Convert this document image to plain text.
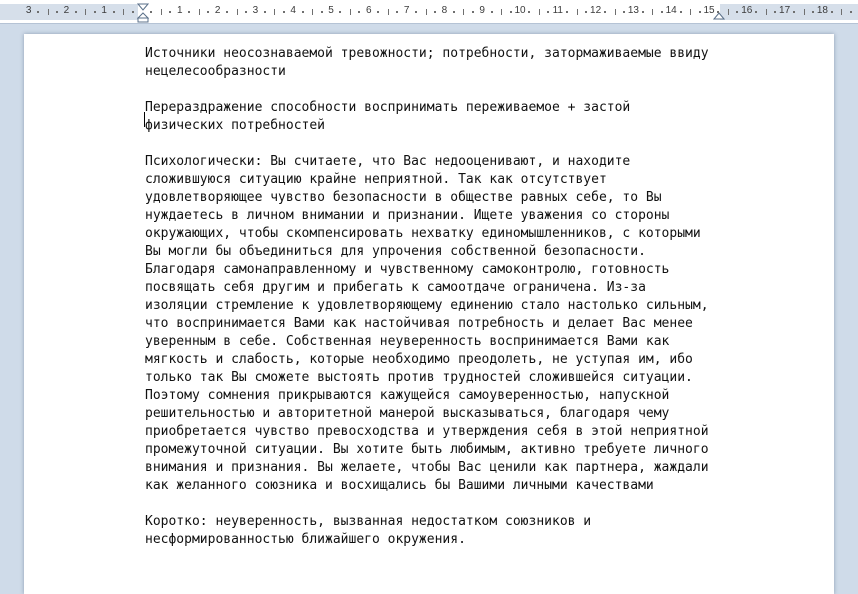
3	2	1	1	2	3	4	5	6	7	8	9	10	11	12	13	14	15	16	17	18
Источники неосознаваемой тревожности; потребности, затормаживаемые ввиду
нецелесообразности
Перераздражение способности воспринимать переживаемое + застой
физических потребностей
Психологически: Вы считаете, что Вас недооценивают, и находите
сложившуюся ситуацию крайне неприятной. Так как отсутствует
удовлетворяющее чувство безопасности в обществе равных себе, то Вы
нуждаетесь в личном внимании и признании. Ищете уважения со стороны
окружающих, чтобы скомпенсировать нехватку единомышленников, с которыми
Вы могли бы объединиться для упрочения собственной безопасности.
Благодаря самонаправленному и чувственному самоконтролю, готовность
посвящать себя другим и прибегать к самоотдаче ограничена. Из-за
изоляции стремление к удовлетворяющему единению стало настолько сильным,
что воспринимается Вами как настойчивая потребность и делает Вас менее
уверенным в себе. Собственная неуверенность воспринимается Вами как
мягкость и слабость, которые необходимо преодолеть, не уступая им, ибо
только так Вы сможете выстоять против трудностей сложившейся ситуации.
Поэтому сомнения прикрываются кажущейся самоуверенностью, напускной
решительностью и авторитетной манерой высказываться, благодаря чему
приобретается чувство превосходства и утверждения себя в этой неприятной
промежуточной ситуации. Вы хотите быть любимым, активно требуете личного
внимания и признания. Вы желаете, чтобы Вас ценили как партнера, жаждали
как желанного союзника и восхищались бы Вашими личными качествами
Коротко: неуверенность, вызванная недостатком союзников и
несформированностью ближайшего окружения.
